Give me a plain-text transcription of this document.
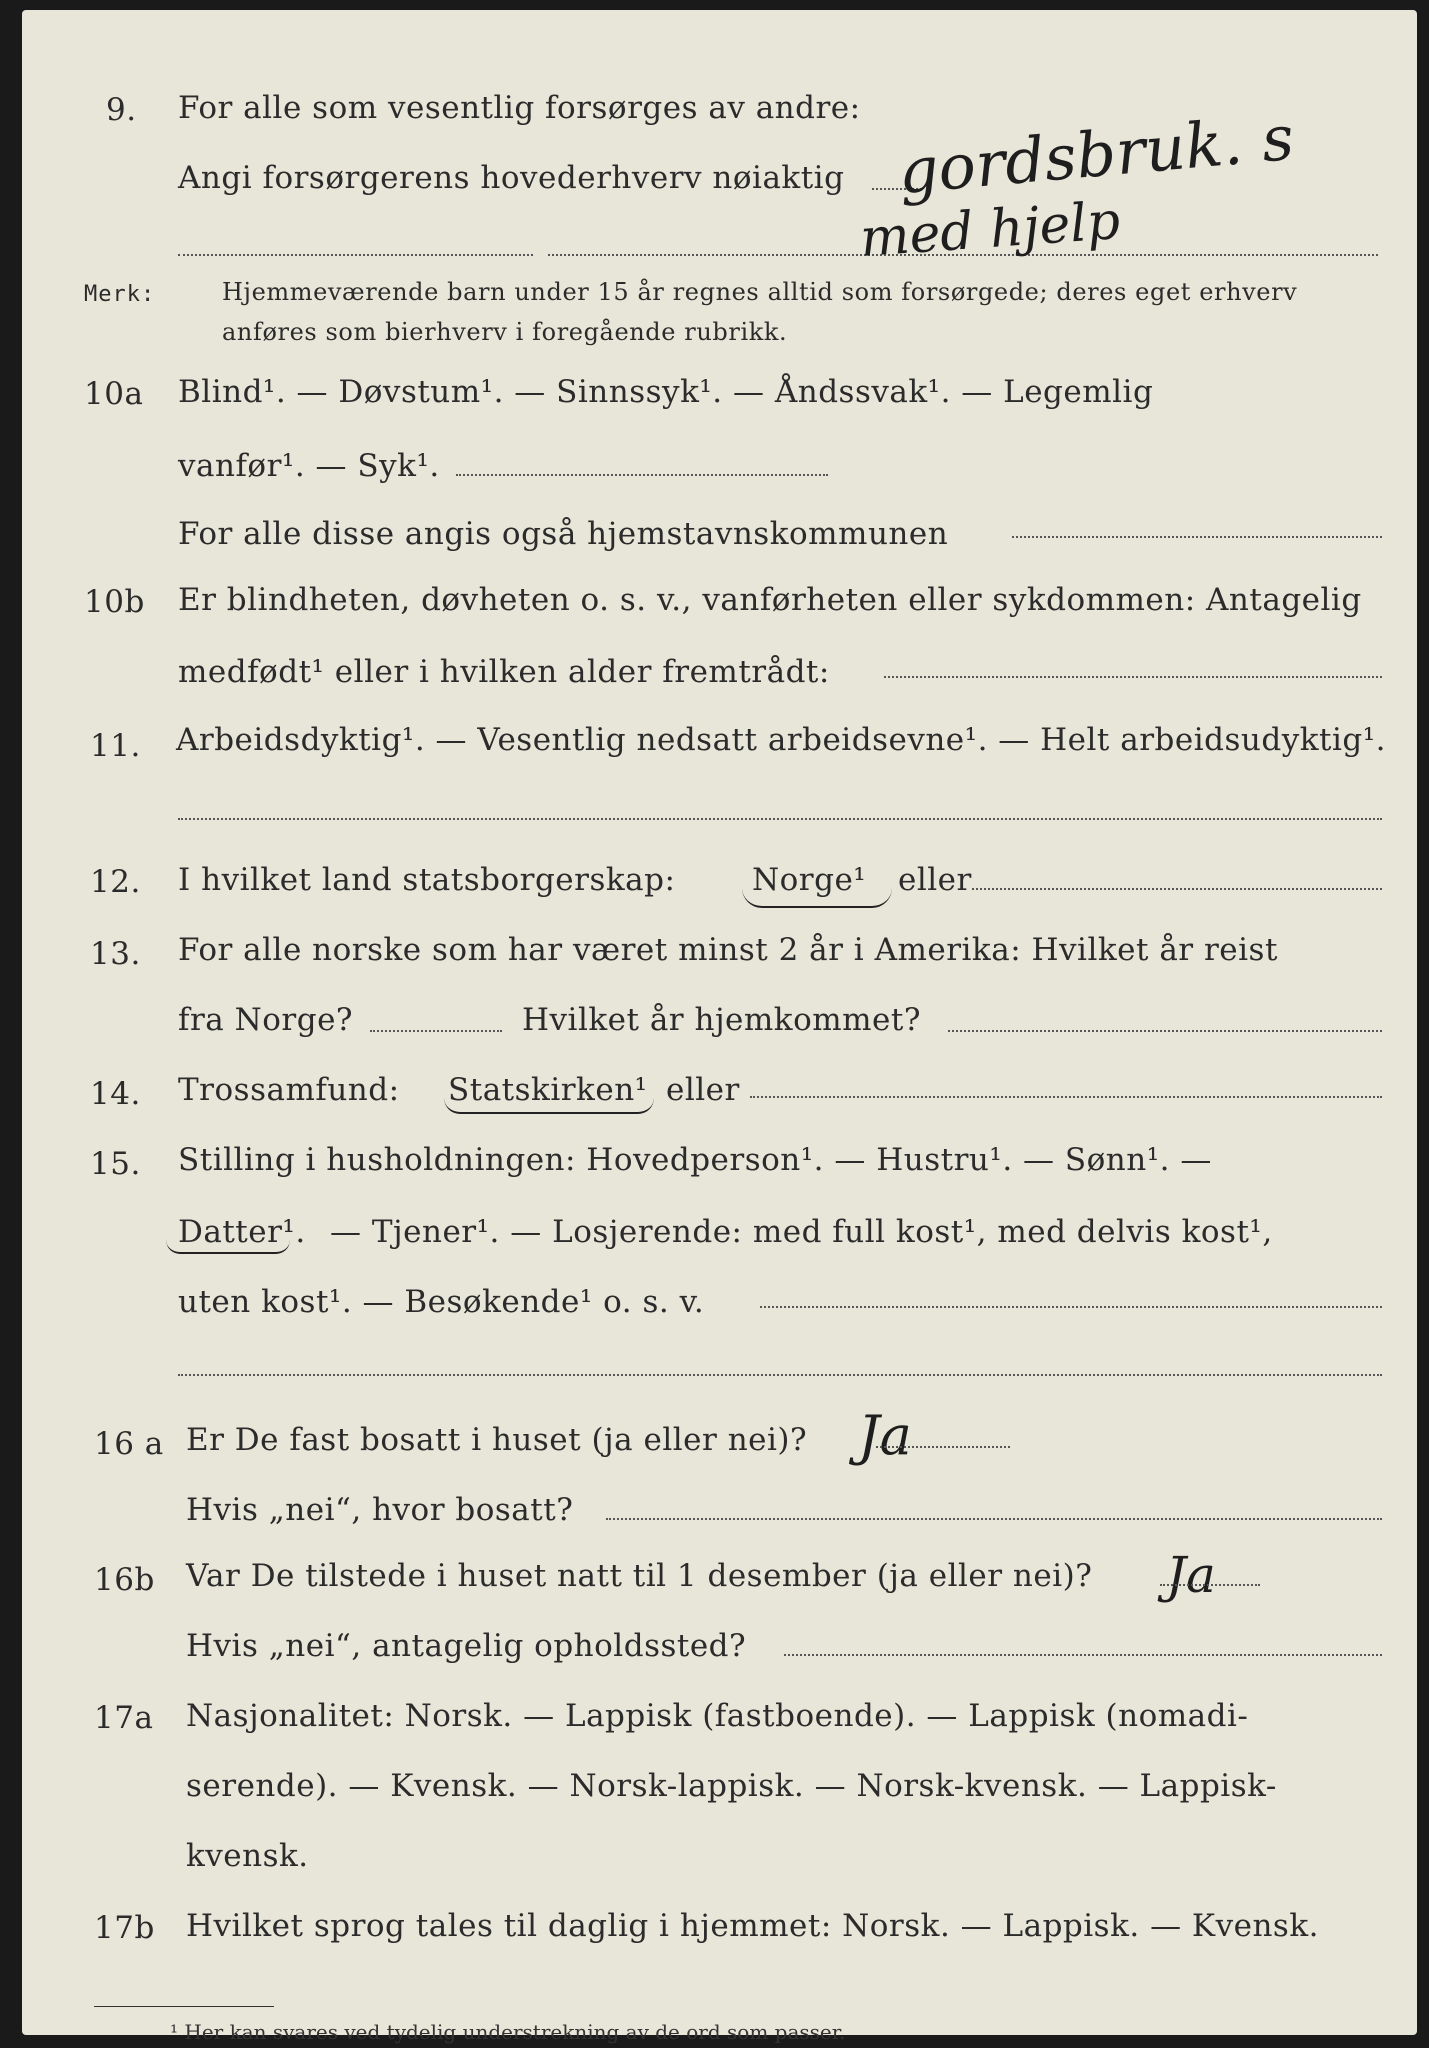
9. For alle som vesentlig forsørges av andre:
Angi forsørgerens hovederhverv nøiaktig gordsbruk. s
med hjelp
Merk:	Hjemmeværende barn under 15 år regnes alltid som forsørgede; deres eget erhverv
anføres som bierhverv i foregående rubrikk.
10a Blind¹. — Døvstum¹. — Sinnssyk¹. — Åndssvak¹. — Legemlig
vanfør¹. — Syk¹.
For alle disse angis også hjemstavnskommunen
10b Er blindheten, døvheten o. s. v., vanførheten eller sykdommen: Antagelig
medfødt¹ eller i hvilken alder fremtrådt:
11. Arbeidsdyktig¹. — Vesentlig nedsatt arbeidsevne¹. — Helt arbeidsudyktig¹.
12. I hvilket land statsborgerskap: Norge¹ eller
13. For alle norske som har været minst 2 år i Amerika: Hvilket år reist
fra Norge?	Hvilket år hjemkommet?
14. Trossamfund: Statskirken¹ eller
15. Stilling i husholdningen: Hovedperson¹. — Hustru¹. — Sønn¹. —
Datter¹. — Tjener¹. — Losjerende: med full kost¹, med delvis kost¹,
uten kost¹. — Besøkende¹ o. s. v.
16 a Er De fast bosatt i huset (ja eller nei)? Ja
Hvis „nei“, hvor bosatt?
16b Var De tilstede i huset natt til 1 desember (ja eller nei)? Ja
Hvis „nei“, antagelig opholdssted?
17a Nasjonalitet: Norsk. — Lappisk (fastboende). — Lappisk (nomadi-
serende). — Kvensk. — Norsk-lappisk. — Norsk-kvensk. — Lappisk-
kvensk.
17b Hvilket sprog tales til daglig i hjemmet: Norsk. — Lappisk. — Kvensk.
¹ Her kan svares ved tydelig understrekning av de ord som passer.
